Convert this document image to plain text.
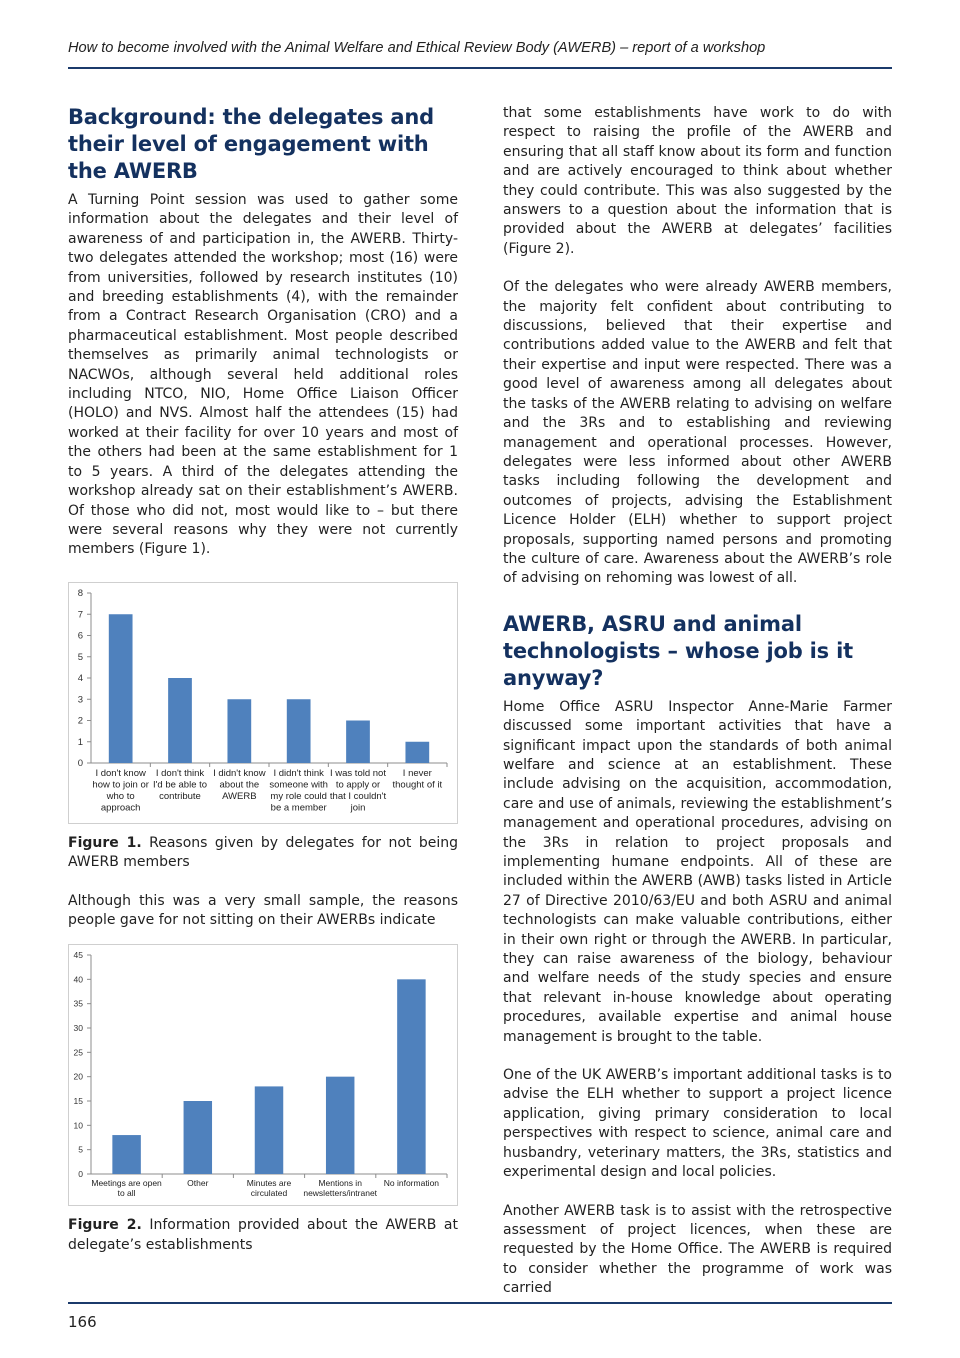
How to become involved with the Animal Welfare and Ethical Review Body (AWERB) – report of a workshop
Background: the delegates and their level of engagement with the AWERB

A Turning Point session was used to gather some information about the delegates and their level of awareness of and participation in, the AWERB. Thirty-two delegates attended the workshop; most (16) were from universities, followed by research institutes (10) and breeding establishments (4), with the remainder from a Contract Research Organisation (CRO) and a pharmaceutical establishment. Most people described themselves as primarily animal technologists or NACWOs, although several held additional roles including NTCO, NIO, Home Office Liaison Officer (HOLO) and NVS. Almost half the attendees (15) had worked at their facility for over 10 years and most of the others had been at the same establishment for 1 to 5 years. A third of the delegates attending the workshop already sat on their establishment’s AWERB. Of those who did not, most would like to – but there were several reasons why they were not currently members (Figure 1).

0
1
2
3
4
5
6
7
8
I don't know
how to join or
who to
approach
I don't think
I'd be able to
contribute
I didn't know
about the
AWERB
I didn't think
someone with
my role could
be a member
I was told not
to apply or
that I couldn't
join
I never
thought of it
Figure 1. Reasons given by delegates for not being AWERB members

Although this was a very small sample, the reasons people gave for not sitting on their AWERBs indicate

0
5
10
15
20
25
30
35
40
45
Meetings are open
to all
Other	Minutes are
circulated
Mentions in
newsletters/intranet
No information
Figure 2. Information provided about the AWERB at delegate’s establishments

that some establishments have work to do with respect to raising the profile of the AWERB and ensuring that all staff know about its form and function and are actively encouraged to think about whether they could contribute. This was also suggested by the answers to a question about the information that is provided about the AWERB at delegates’ facilities (Figure 2).

Of the delegates who were already AWERB members, the majority felt confident about contributing to discussions, believed that their expertise and contributions added value to the AWERB and felt that their expertise and input were respected. There was a good level of awareness among all delegates about the tasks of the AWERB relating to advising on welfare and the 3Rs and to establishing and reviewing management and operational processes. However, delegates were less informed about other AWERB tasks including following the development and outcomes of projects, advising the Establishment Licence Holder (ELH) whether to support project proposals, supporting named persons and promoting the culture of care. Awareness about the AWERB’s role of advising on rehoming was lowest of all.

AWERB, ASRU and animal technologists – whose job is it anyway?

Home Office ASRU Inspector Anne-Marie Farmer discussed some important activities that have a significant impact upon the standards of both animal welfare and science at an establishment. These include advising on the acquisition, accommodation, care and use of animals, reviewing the establishment’s management and operational procedures, advising on the 3Rs in relation to project proposals and implementing humane endpoints. All of these are included within the AWERB (AWB) tasks listed in Article 27 of Directive 2010/63/EU and both ASRU and animal technologists can make valuable contributions, either in their own right or through the AWERB. In particular, they can raise awareness of the biology, behaviour and welfare needs of the study species and ensure that relevant in-house knowledge about operating procedures, available expertise and animal house management is brought to the table.

One of the UK AWERB’s important additional tasks is to advise the ELH whether to support a project licence application, giving primary consideration to local perspectives with respect to science, animal care and husbandry, veterinary matters, the 3Rs, statistics and experimental design and local policies.

Another AWERB task is to assist with the retrospective assessment of project licences, when these are requested by the Home Office. The AWERB is required to consider whether the programme of work was carried

166
